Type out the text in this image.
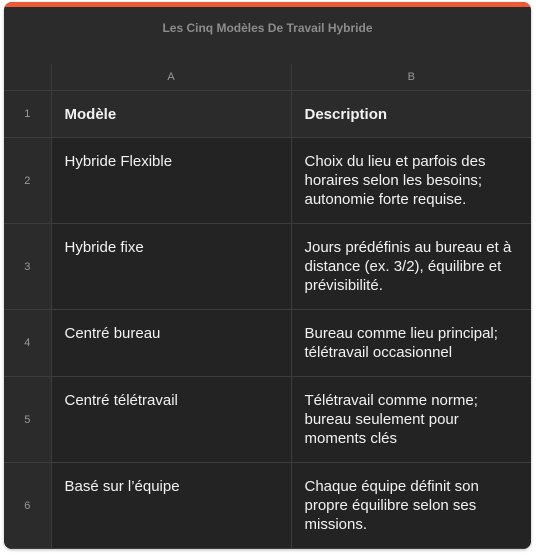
Les Cinq Modèles De Travail Hybride
	A	B
1	Modèle	Description
2	Hybride Flexible	Choix du lieu et parfois des horaires selon les besoins; autonomie forte requise.
3	Hybride fixe	Jours prédéfinis au bureau et à distance (ex. 3/2), équilibre et prévisibilité.
4	Centré bureau	Bureau comme lieu principal; télétravail occasionnel
5	Centré télétravail	Télétravail comme norme; bureau seulement pour moments clés
6	Basé sur l’équipe	Chaque équipe définit son propre équilibre selon ses missions.
